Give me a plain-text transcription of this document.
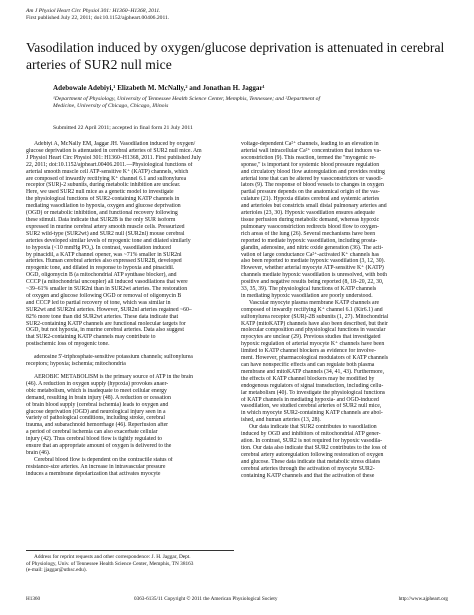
Am J Physiol Heart Circ Physiol 301: H1360–H1368, 2011.
First published July 22, 2011; doi:10.1152/ajpheart.00406.2011.
Vasodilation induced by oxygen/glucose deprivation is attenuated in cerebral arteries of SUR2 null mice
Adebowale Adebiyi,¹ Elizabeth M. McNally,² and Jonathan H. Jaggar¹
¹Department of Physiology, University of Tennessee Health Science Center, Memphis, Tennessee; and ²Department of
Medicine, University of Chicago, Chicago, Illinois
Submitted 22 April 2011; accepted in final form 21 July 2011
Adebiyi A, McNally EM, Jaggar JH. Vasodilation induced by oxygen/
glucose deprivation is attenuated in cerebral arteries of SUR2 null mice. Am
J Physiol Heart Circ Physiol 301: H1360–H1368, 2011. First published July
22, 2011; doi:10.1152/ajpheart.00406.2011.—Physiological functions of
arterial smooth muscle cell ATP-sensitive K⁺ (KATP) channels, which
are composed of inwardly rectifying K⁺ channel 6.1 and sulfonylurea
receptor (SUR)-2 subunits, during metabolic inhibition are unclear.
Here, we used SUR2 null mice as a genetic model to investigate
the physiological functions of SUR2-containing KATP channels in
mediating vasodilation to hypoxia, oxygen and glucose deprivation
(OGD) or metabolic inhibition, and functional recovery following
these stimuli. Data indicate that SUR2B is the only SUR isoform
expressed in murine cerebral artery smooth muscle cells. Pressurized
SUR2 wild-type (SUR2wt) and SUR2 null (SUR2nl) mouse cerebral
arteries developed similar levels of myogenic tone and dilated similarly
to hypoxia (<10 mmHg PO₂). In contrast, vasodilation induced
by pinacidil, a KATP channel opener, was ~71% smaller in SUR2nl
arteries. Human cerebral arteries also expressed SUR2B, developed
myogenic tone, and dilated in response to hypoxia and pinacidil.
OGD, oligomycin B (a mitochondrial ATP synthase blocker), and
CCCP (a mitochondrial uncoupler) all induced vasodilations that were
~39–61% smaller in SUR2nl than in SUR2wt arteries. The restoration
of oxygen and glucose following OGD or removal of oligomycin B
and CCCP led to partial recovery of tone, which was similar in
SUR2wt and SUR2nl arteries. However, SUR2nl arteries regained ~60–
82% more tone than did SUR2wt arteries. These data indicate that
SUR2-containing KATP channels are functional molecular targets for
OGD, but not hypoxia, in murine cerebral arteries. Data also suggest
that SUR2-containing KATP channels may contribute to
postischemic loss of myogenic tone.
adenosine 5'-triphosphate-sensitive potassium channels; sulfonylurea
receptors; hypoxia; ischemia; mitochondria
AEROBIC METABOLISM is the primary source of ATP in the brain
(46). A reduction in oxygen supply (hypoxia) provokes anaer-
obic metabolism, which is inadequate to meet cellular energy
demand, resulting in brain injury (48). A reduction or cessation
of brain blood supply (cerebral ischemia) leads to oxygen and
glucose deprivation (OGD) and neurological injury seen in a
variety of pathological conditions, including stroke, cerebral
trauma, and subarachnoid hemorrhage (46). Reperfusion after
a period of cerebral ischemia can also exacerbate cellular
injury (42). Thus cerebral blood flow is tightly regulated to
ensure that an appropriate amount of oxygen is delivered to the
brain (46).
Cerebral blood flow is dependent on the contractile status of
resistance-size arteries. An increase in intravascular pressure
induces a membrane depolarization that activates myocyte
voltage-dependent Ca²⁺ channels, leading to an elevation in
arterial wall intracellular Ca²⁺ concentration that induces va-
soconstriction (9). This reaction, termed the "myogenic re-
sponse," is important for systemic blood pressure regulation
and circulatory blood flow autoregulation and provides resting
arterial tone that can be altered by vasoconstrictors or vasodi-
lators (9). The response of blood vessels to changes in oxygen
partial pressure depends on the anatomical origin of the vas-
culature (21). Hypoxia dilates cerebral and systemic arteries
and arterioles but constricts small distal pulmonary arteries and
arterioles (23, 30). Hypoxic vasodilation ensures adequate
tissue perfusion during metabolic demand, whereas hypoxic
pulmonary vasoconstriction redirects blood flow to oxygen-
rich areas of the lung (26). Several mechanisms have been
reported to mediate hypoxic vasodilation, including prosta-
glandin, adenosine, and nitric oxide generation (36). The acti-
vation of large conductance Ca²⁺-activated K⁺ channels has
also been reported to mediate hypoxic vasodilation (3, 12, 30).
However, whether arterial myocyte ATP-sensitive K⁺ (KATP)
channels mediate hypoxic vasodilation is unresolved, with both
positive and negative results being reported (8, 18–20, 22, 30,
33, 35, 39). The physiological functions of KATP channels
in mediating hypoxic vasodilation are poorly understood.
Vascular myocyte plasma membrane KATP channels are
composed of inwardly rectifying K⁺ channel 6.1 (Kir6.1) and
sulfonylurea receptor (SUR)-2B subunits (1, 27). Mitochondrial
KATP (mitoKATP) channels have also been described, but their
molecular composition and physiological functions in vascular
myocytes are unclear (29). Previous studies that investigated
hypoxic regulation of arterial myocyte K⁺ channels have been
limited to KATP channel blockers as evidence for involve-
ment. However, pharmacological modulators of KATP channels
can have nonspecific effects and can regulate both plasma
membrane and mitoKATP channels (34, 41, 43). Furthermore,
the effects of KATP channel blockers may be modified by
endogenous regulators of signal transduction, including cellu-
lar metabolism (40). To investigate the physiological functions
of KATP channels in mediating hypoxia- and OGD-induced
vasodilation, we studied cerebral arteries of SUR2 null mice,
in which myocyte SUR2-containing KATP channels are abol-
ished, and human arteries (13, 28).
Our data indicate that SUR2 contributes to vasodilation
induced by OGD and inhibitors of mitochondrial ATP gener-
ation. In contrast, SUR2 is not required for hypoxic vasodila-
tion. Our data also indicate that SUR2 contributes to the loss of
cerebral artery autoregulation following restoration of oxygen
and glucose. These data indicate that metabolic stress dilates
cerebral arteries through the activation of myocyte SUR2-
containing KATP channels and that the activation of these
Address for reprint requests and other correspondence: J. H. Jaggar, Dept.
of Physiology, Univ. of Tennessee Health Science Center, Memphis, TN 38163
(e-mail: jjaggar@uthsc.edu).
H1360	0363-6135/11 Copyright © 2011 the American Physiological Society	http://www.ajpheart.org
